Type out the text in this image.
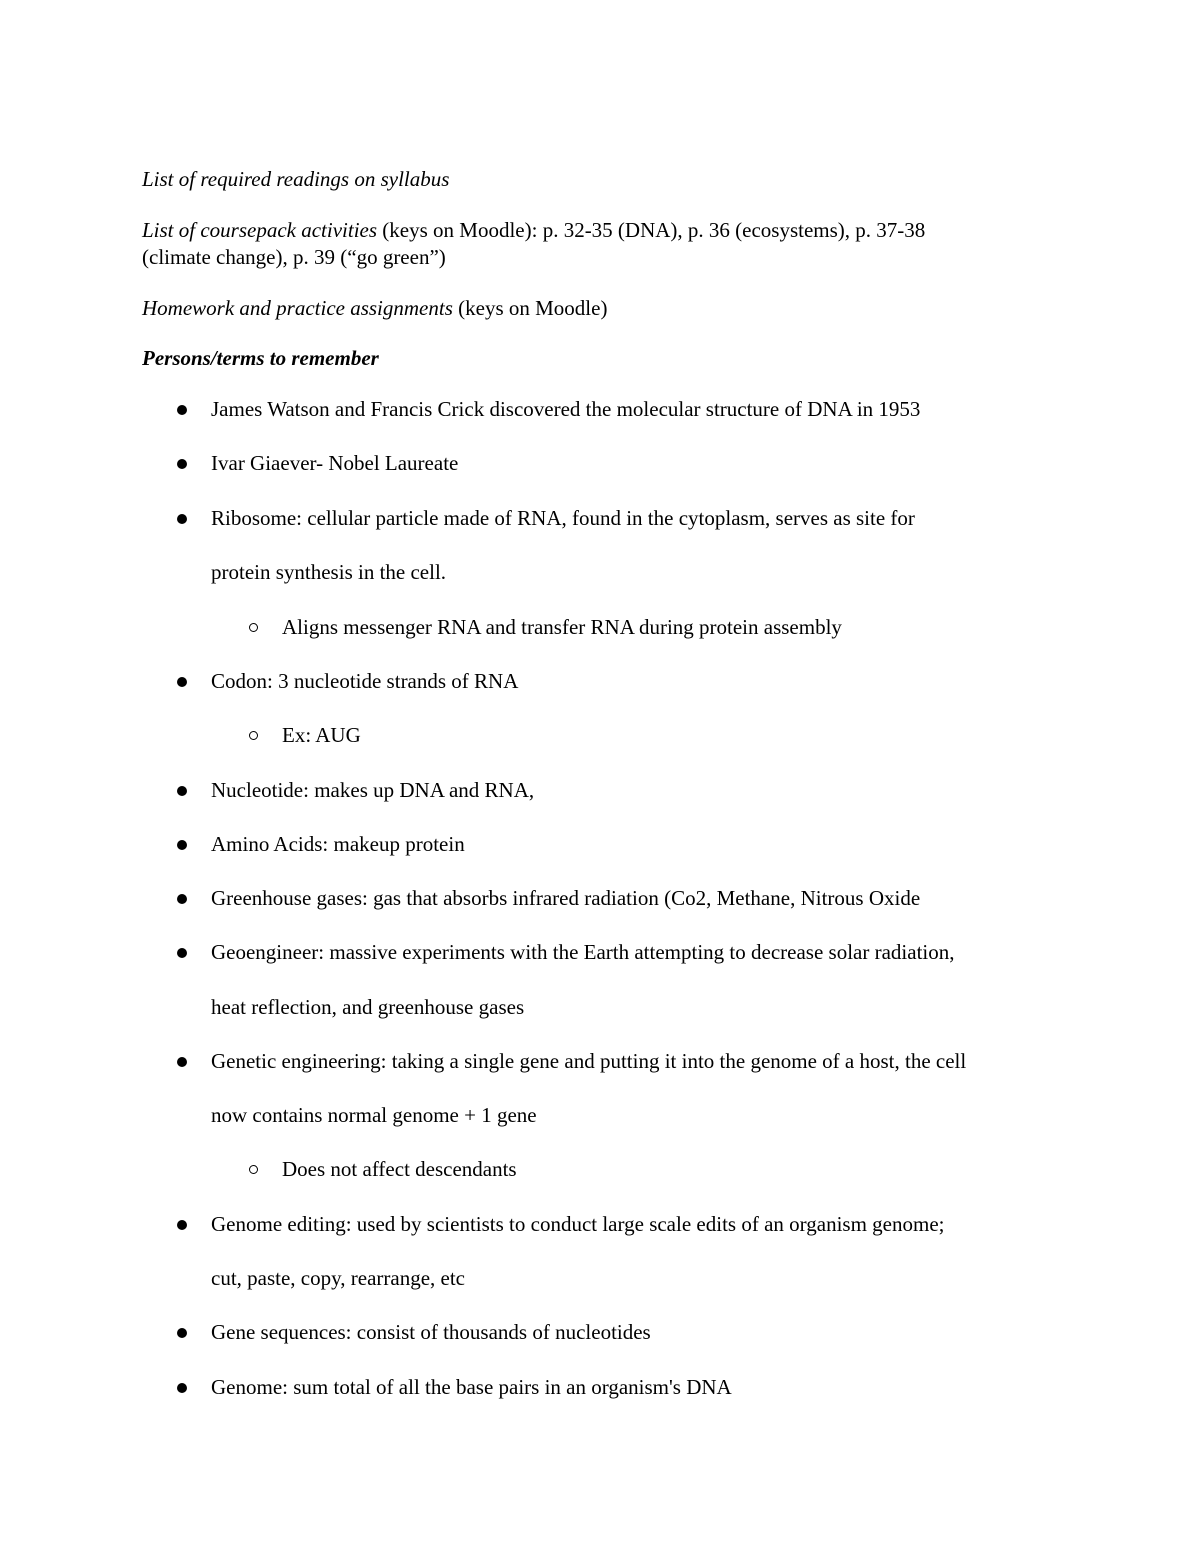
List of required readings on syllabus
List of coursepack activities (keys on Moodle): p. 32-35 (DNA), p. 36 (ecosystems), p. 37-38
(climate change), p. 39 (“go green”)
Homework and practice assignments (keys on Moodle)
Persons/terms to remember
James Watson and Francis Crick discovered the molecular structure of DNA in 1953
Ivar Giaever- Nobel Laureate
Ribosome: cellular particle made of RNA, found in the cytoplasm, serves as site for
protein synthesis in the cell.
Aligns messenger RNA and transfer RNA during protein assembly
Codon: 3 nucleotide strands of RNA
Ex: AUG
Nucleotide: makes up DNA and RNA,
Amino Acids: makeup protein
Greenhouse gases: gas that absorbs infrared radiation (Co2, Methane, Nitrous Oxide
Geoengineer: massive experiments with the Earth attempting to decrease solar radiation,
heat reflection, and greenhouse gases
Genetic engineering: taking a single gene and putting it into the genome of a host, the cell
now contains normal genome + 1 gene
Does not affect descendants
Genome editing: used by scientists to conduct large scale edits of an organism genome;
cut, paste, copy, rearrange, etc
Gene sequences: consist of thousands of nucleotides
Genome: sum total of all the base pairs in an organism's DNA
